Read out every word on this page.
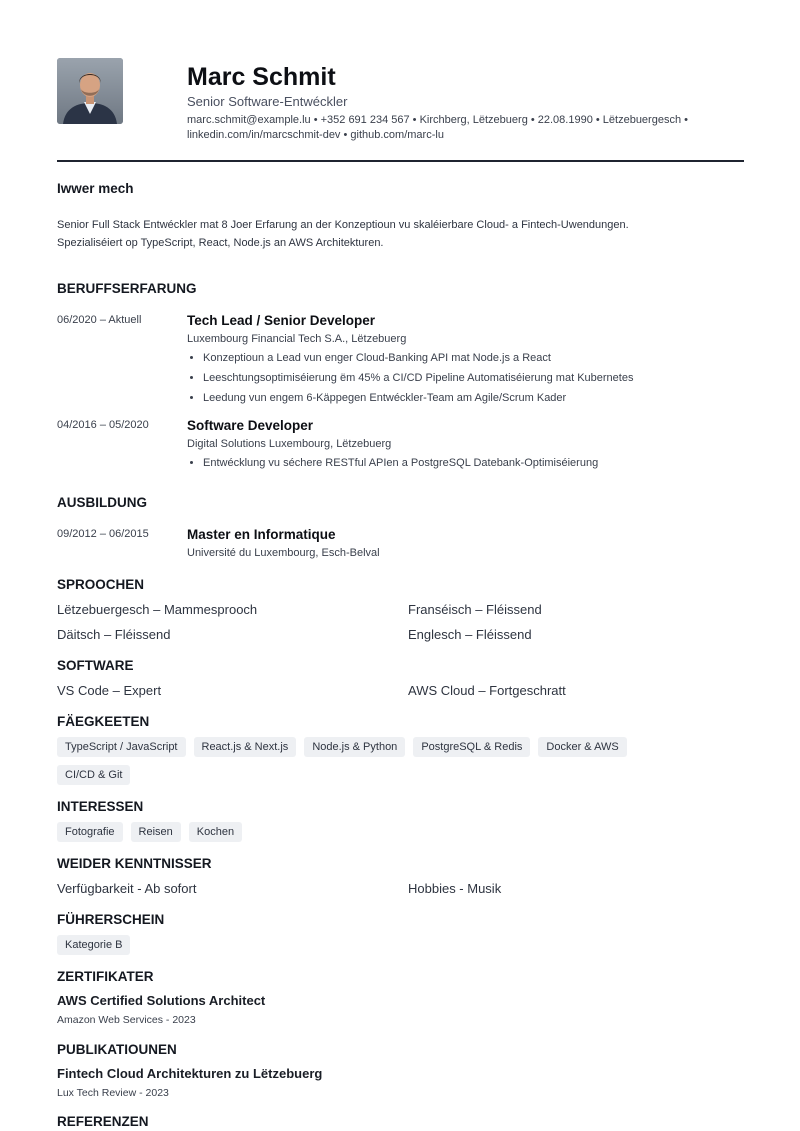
Marc Schmit
Senior Software-Entwéckler
marc.schmit@example.lu • +352 691 234 567 • Kirchberg, Lëtzebuerg • 22.08.1990 • Lëtzebuergesch •
linkedin.com/in/marcschmit-dev • github.com/marc-lu
Iwwer mech
Senior Full Stack Entwéckler mat 8 Joer Erfarung an der Konzeptioun vu skaléierbare Cloud- a Fintech-Uwendungen.
Spezialiséiert op TypeScript, React, Node.js an AWS Architekturen.
BERUFFSERFARUNG
06/2020 – Aktuell	Tech Lead / Senior Developer
Luxembourg Financial Tech S.A., Lëtzebuerg
• Konzeptioun a Lead vun enger Cloud-Banking API mat Node.js a React
• Leeschtungsoptimiséierung ëm 45% a CI/CD Pipeline Automatiséierung mat Kubernetes
• Leedung vun engem 6-Käppegen Entwéckler-Team am Agile/Scrum Kader
04/2016 – 05/2020	Software Developer
Digital Solutions Luxembourg, Lëtzebuerg
• Entwécklung vu séchere RESTful APIen a PostgreSQL Datebank-Optimiséierung
AUSBILDUNG
09/2012 – 06/2015	Master en Informatique
Université du Luxembourg, Esch-Belval
SPROOCHEN
Lëtzebuergesch – Mammesprooch	Franséisch – Fléissend
Däitsch – Fléissend	Englesch – Fléissend
SOFTWARE
VS Code – Expert	AWS Cloud – Fortgeschratt
FÄEGKEETEN
TypeScript / JavaScript	React.js & Next.js	Node.js & Python	PostgreSQL & Redis	Docker & AWS
CI/CD & Git
INTERESSEN
Fotografie	Reisen	Kochen
WEIDER KENNTNISSER
Verfügbarkeit - Ab sofort	Hobbies - Musik
FÜHRERSCHEIN
Kategorie B
ZERTIFIKATER
AWS Certified Solutions Architect
Amazon Web Services - 2023
PUBLIKATIOUNEN
Fintech Cloud Architekturen zu Lëtzebuerg
Lux Tech Review - 2023
REFERENZEN
